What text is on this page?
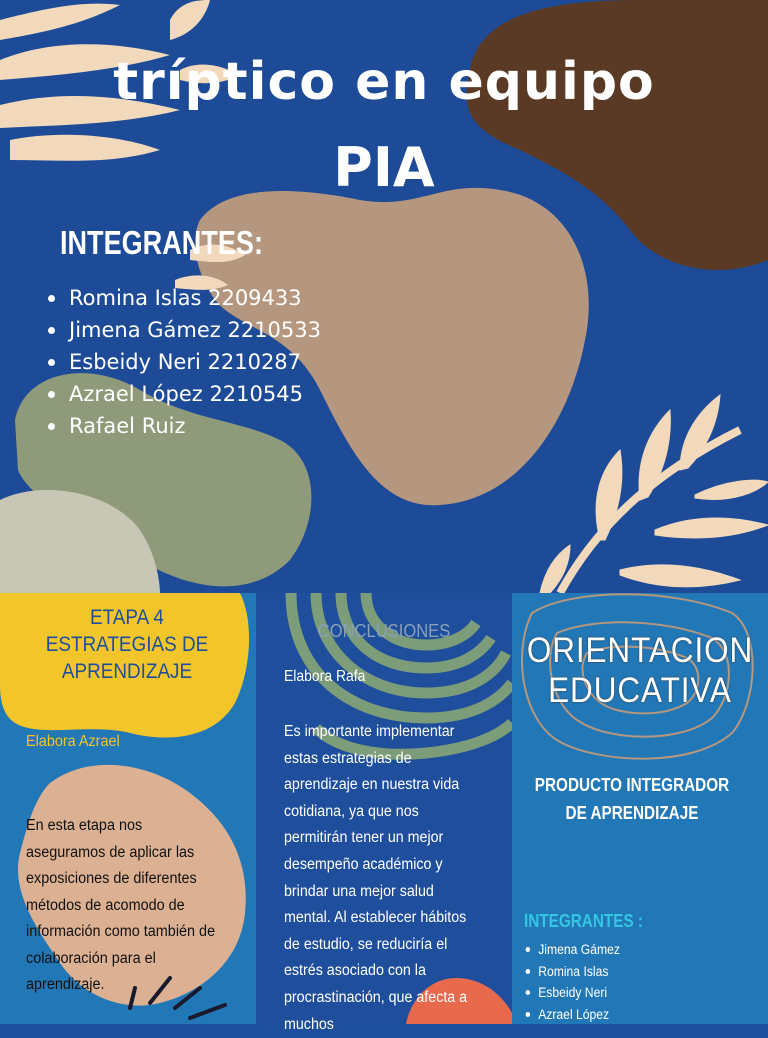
tríptico en equipo
PIA
INTEGRANTES:
Romina Islas 2209433
Jimena Gámez 2210533
Esbeidy Neri 2210287
Azrael López 2210545
Rafael Ruiz
ETAPA 4
ESTRATEGIAS DE
APRENDIZAJE
Elabora Azrael
En esta etapa nos aseguramos de aplicar las exposiciones de diferentes métodos de acomodo de información como también de colaboración para el aprendizaje.
CONCLUSIONES
Elabora Rafa
Es importante implementar estas estrategias de aprendizaje en nuestra vida cotidiana, ya que nos permitirán tener un mejor desempeño académico y brindar una mejor salud mental. Al establecer hábitos de estudio, se reduciría el estrés asociado con la procrastinación, que afecta a muchos
ORIENTACION
EDUCATIVA
PRODUCTO INTEGRADOR
DE APRENDIZAJE
INTEGRANTES :
Jimena Gámez
Romina Islas
Esbeidy Neri
Azrael López
